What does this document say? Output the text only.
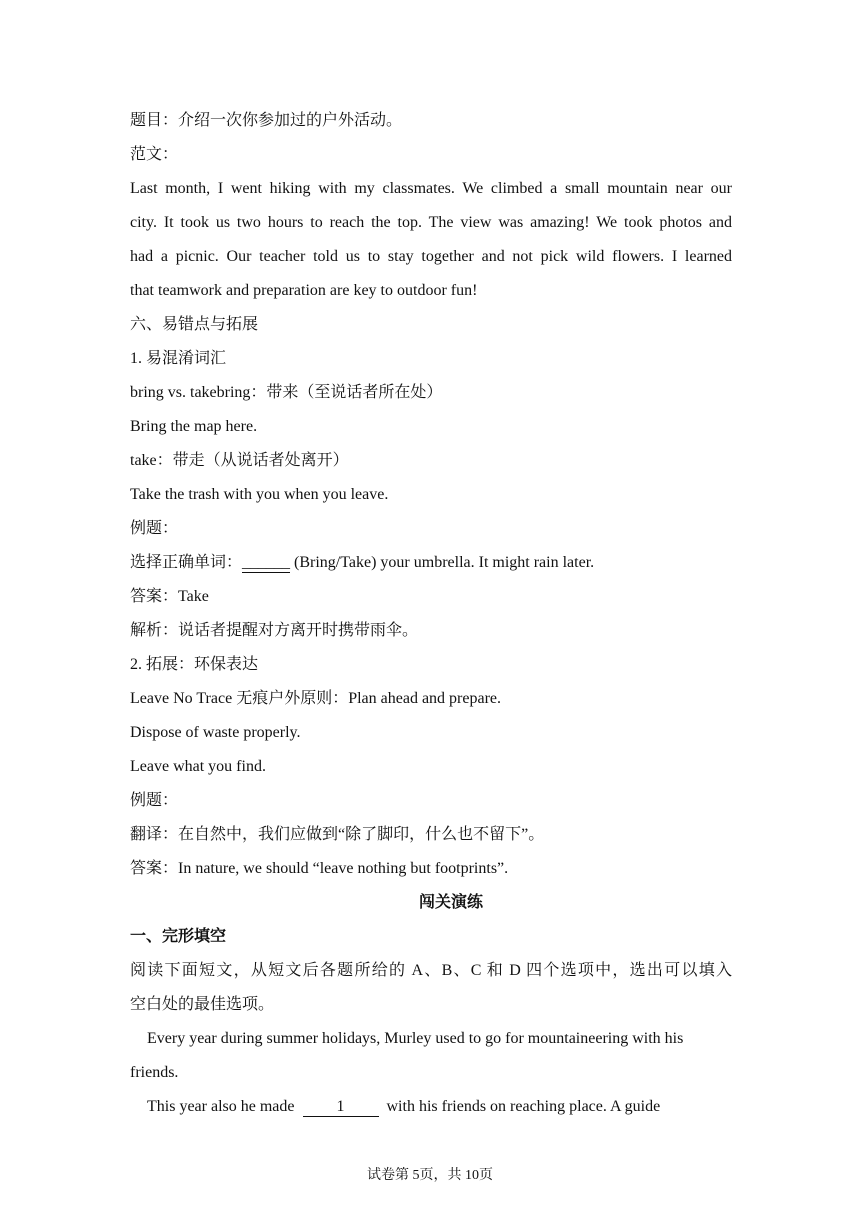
题目：介绍一次你参加过的户外活动。
范文：
Last month, I went hiking with my classmates. We climbed a small mountain near our
city. It took us two hours to reach the top. The view was amazing! We took photos and
had a picnic. Our teacher told us to stay together and not pick wild flowers. I learned
that teamwork and preparation are key to outdoor fun!
六、易错点与拓展
1. 易混淆词汇
bring vs. takebring：带来（至说话者所在处）
Bring the map here.
take：带走（从说话者处离开）
Take the trash with you when you leave.
例题：
选择正确单词：______ (Bring/Take) your umbrella. It might rain later.
答案：Take
解析：说话者提醒对方离开时携带雨伞。
2. 拓展：环保表达
Leave No Trace 无痕户外原则：Plan ahead and prepare.
Dispose of waste properly.
Leave what you find.
例题：
翻译：在自然中，我们应做到“除了脚印，什么也不留下”。
答案：In nature, we should “leave nothing but footprints”.
闯关演练
一、完形填空
阅读下面短文，从短文后各题所给的 A、B、C 和 D 四个选项中，选出可以填入
空白处的最佳选项。
Every year during summer holidays, Murley used to go for mountaineering with his
friends.
This year also he made	1	with his friends on reaching place. A guide
试卷第 5页，共 10页
